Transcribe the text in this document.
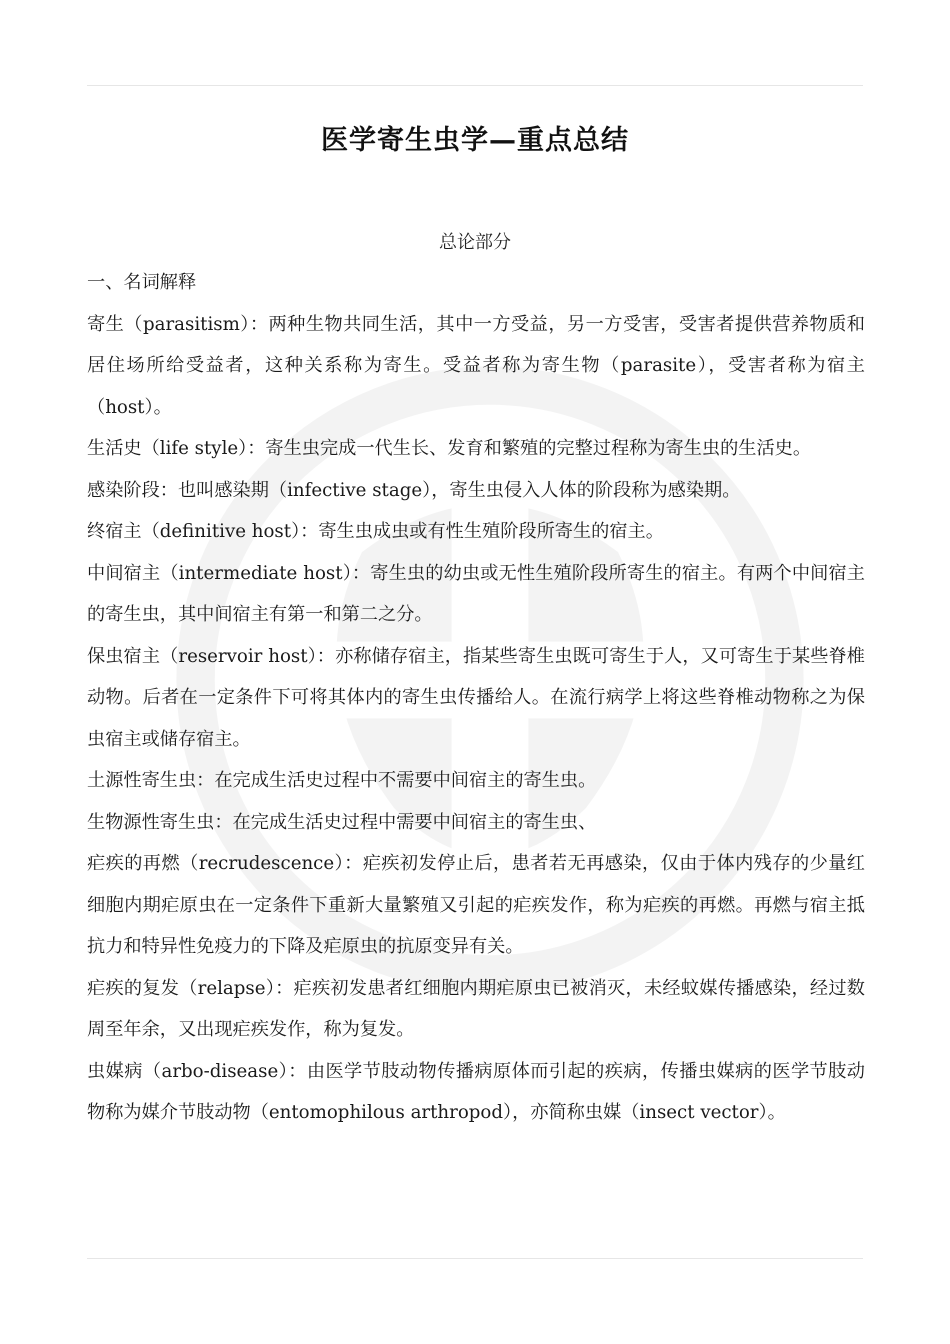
医学寄生虫学—重点总结
总论部分

一、名词解释

寄生（parasitism）：两种生物共同生活，其中一方受益，另一方受害，受害者提供营养物质和居住场所给受益者，这种关系称为寄生。受益者称为寄生物（parasite），受害者称为宿主（host）。

生活史（life style）：寄生虫完成一代生长、发育和繁殖的完整过程称为寄生虫的生活史。

感染阶段：也叫感染期（infective stage），寄生虫侵入人体的阶段称为感染期。

终宿主（definitive host）：寄生虫成虫或有性生殖阶段所寄生的宿主。

中间宿主（intermediate host）：寄生虫的幼虫或无性生殖阶段所寄生的宿主。有两个中间宿主的寄生虫，其中间宿主有第一和第二之分。

保虫宿主（reservoir host）：亦称储存宿主，指某些寄生虫既可寄生于人，又可寄生于某些脊椎动物。后者在一定条件下可将其体内的寄生虫传播给人。在流行病学上将这些脊椎动物称之为保虫宿主或储存宿主。

土源性寄生虫：在完成生活史过程中不需要中间宿主的寄生虫。

生物源性寄生虫：在完成生活史过程中需要中间宿主的寄生虫、

疟疾的再燃（recrudescence）：疟疾初发停止后，患者若无再感染，仅由于体内残存的少量红细胞内期疟原虫在一定条件下重新大量繁殖又引起的疟疾发作，称为疟疾的再燃。再燃与宿主抵抗力和特异性免疫力的下降及疟原虫的抗原变异有关。

疟疾的复发（relapse）：疟疾初发患者红细胞内期疟原虫已被消灭，未经蚊媒传播感染，经过数周至年余，又出现疟疾发作，称为复发。

虫媒病（arbo-disease）：由医学节肢动物传播病原体而引起的疾病，传播虫媒病的医学节肢动物称为媒介节肢动物（entomophilous arthropod），亦简称虫媒（insect vector）。
